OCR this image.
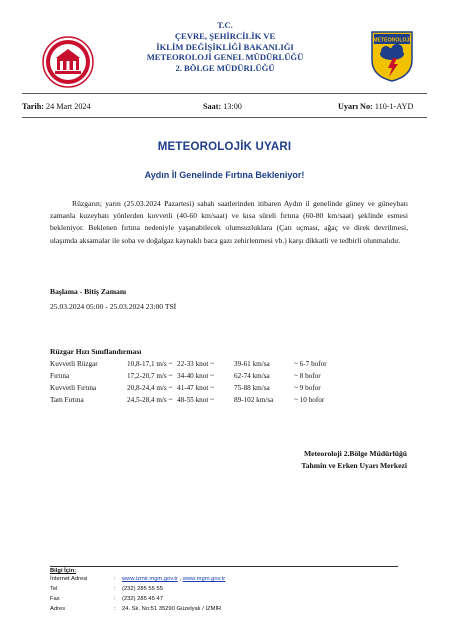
T.C.
ÇEVRE, ŞEHİRCİLİK VE
İKLİM DEĞİŞİKLİĞİ BAKANLIĞI
METEOROLOJİ GENEL MÜDÜRLÜĞÜ
2. BÖLGE MÜDÜRLÜĞÜ
METEOROLOJİ
Tarih: 24 Mart 2024	Saat: 13:00	Uyarı No: 110-1-AYD
METEOROLOJİK UYARI
Aydın İl Genelinde Fırtına Bekleniyor!

Rüzgarın; yarın (25.03.2024 Pazartesi) sabah saatlerinden itibaren Aydın il genelinde güney ve güneybatı zamanla kuzeybatı yönlerden kuvvetli (40-60 km/saat) ve kısa süreli fırtına (60-80 km/saat) şeklinde esmesi bekleniyor. Beklenen fırtına nedeniyle yaşanabilecek olumsuzluklara (Çatı uçması, ağaç ve direk devrilmesi, ulaşımda aksamalar ile soba ve doğalgaz kaynaklı baca gazı zehirlenmesi vb.) karşı dikkatli ve tedbirli olunmalıdır.

Başlama - Bitiş Zamanı
25.03.2024 05:00 - 25.03.2024 23:00 TSİ
Rüzgar Hızı Sınıflandırması
Kuvvetli Rüzgar	10,8-17,1 m/s ~ 22-33 knot ~	39-61 km/sa	~ 6-7 bofor
Fırtına	17,2-20,7 m/s ~ 34-40 knot ~	62-74 km/sa	~ 8 bofor
Kuvvetli Fırtına	20,8-24,4 m/s ~ 41-47 knot ~	75-88 km/sa	~ 9 bofor
Tam Fırtına	24,5-28,4 m/s ~ 48-55 knot ~	89-102 km/sa	~ 10 bofor
Meteoroloji 2.Bölge Müdürlüğü
Tahmin ve Erken Uyarı Merkezi
Bilgi İçin:
İnternet Adresi	: www.izmir.mgm.gov.tr , www.mgm.gov.tr
Tel	: (232) 285 55 55
Fax	: (232) 285 45 47
Adres	: 24. Sk. No:51 35290 Güzelyalı / İZMİR
